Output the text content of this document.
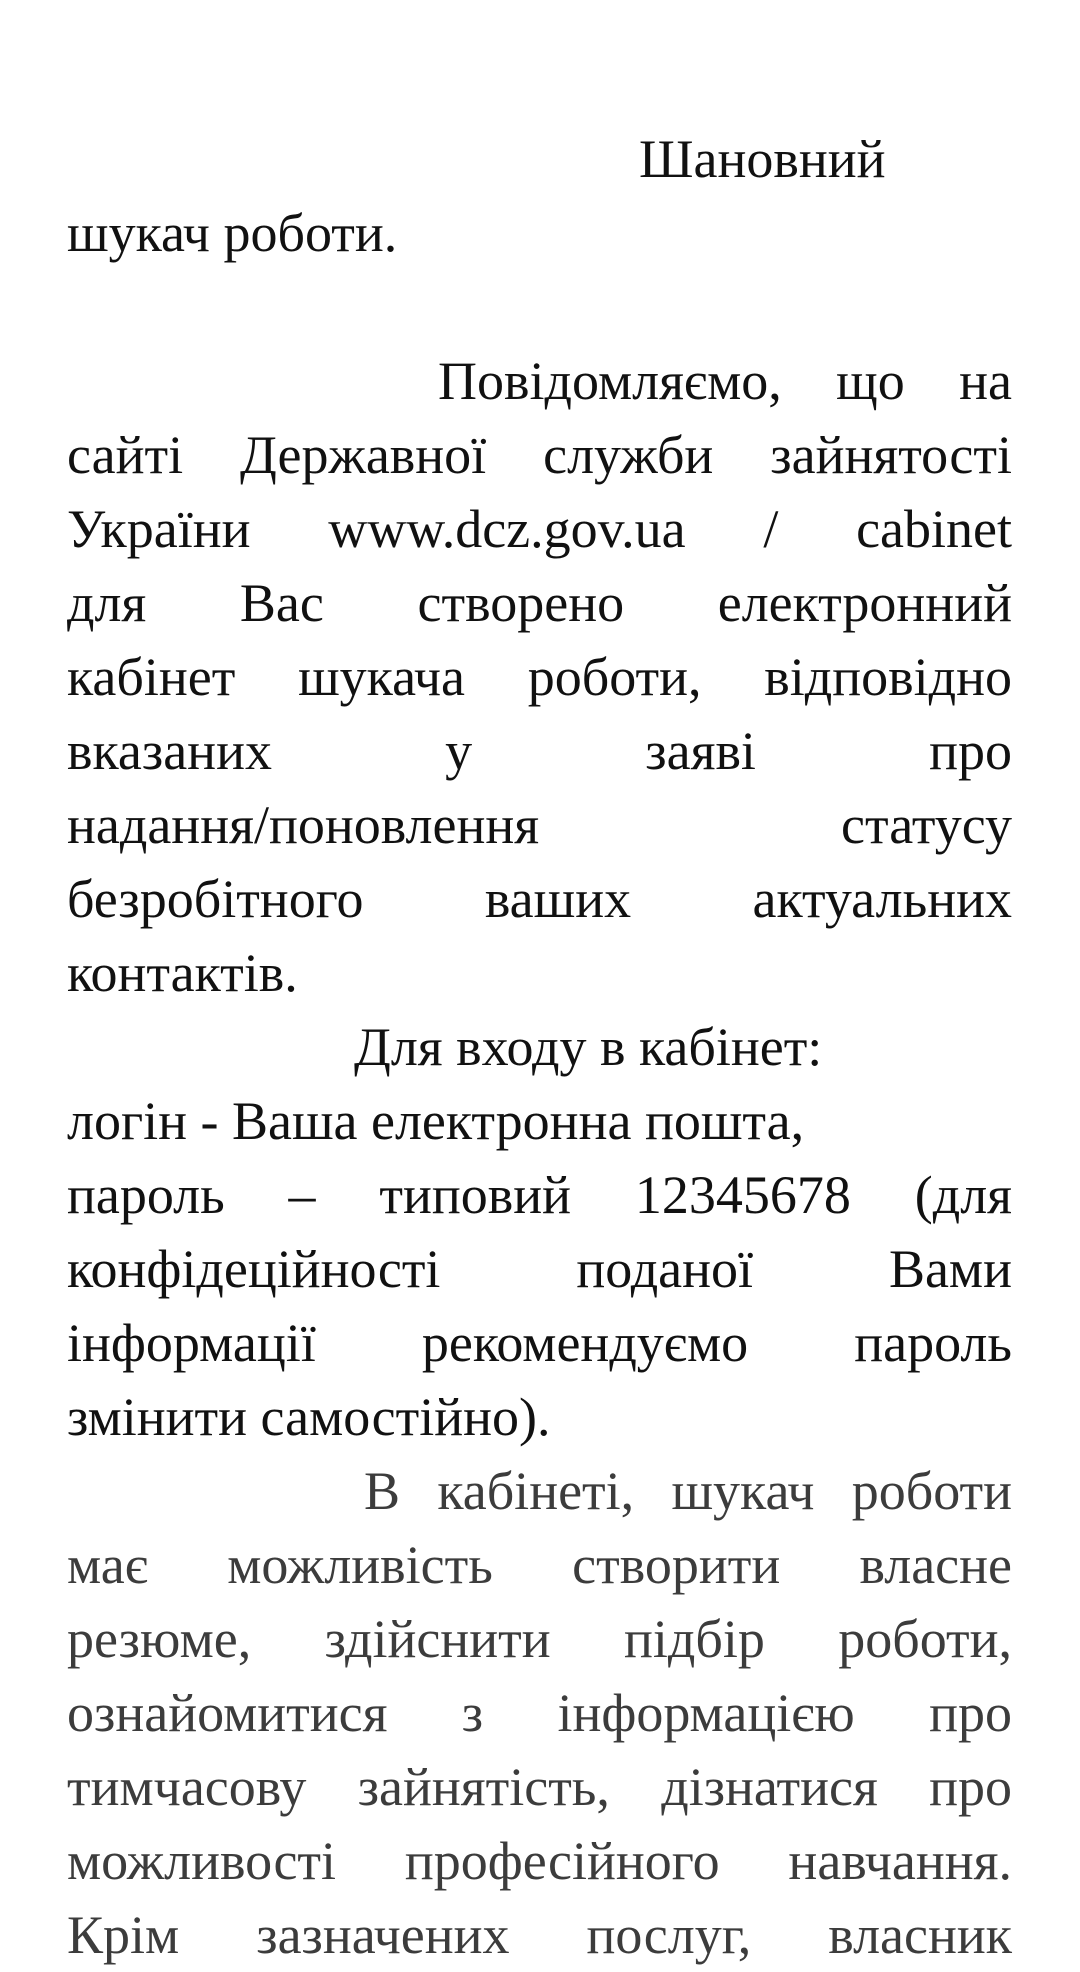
Шановний
шукач роботи.
Повідомляємо, що на
сайті Державної служби зайнятості
України www.dcz.gov.ua / cabinet
для Вас створено електронний
кабінет шукача роботи, відповідно
вказаних у заяві про
надання/поновлення статусу
безробітного ваших актуальних
контактів.
Для входу в кабінет:
логін - Ваша електронна пошта,
пароль – типовий 12345678 (для
конфідеційності поданої Вами
інформації рекомендуємо пароль
змінити самостійно).
В кабінеті, шукач роботи
має можливість створити власне
резюме, здійснити підбір роботи,
ознайомитися з інформацією про
тимчасову зайнятість, дізнатися про
можливості професійного навчання.
Крім зазначених послуг, власник
